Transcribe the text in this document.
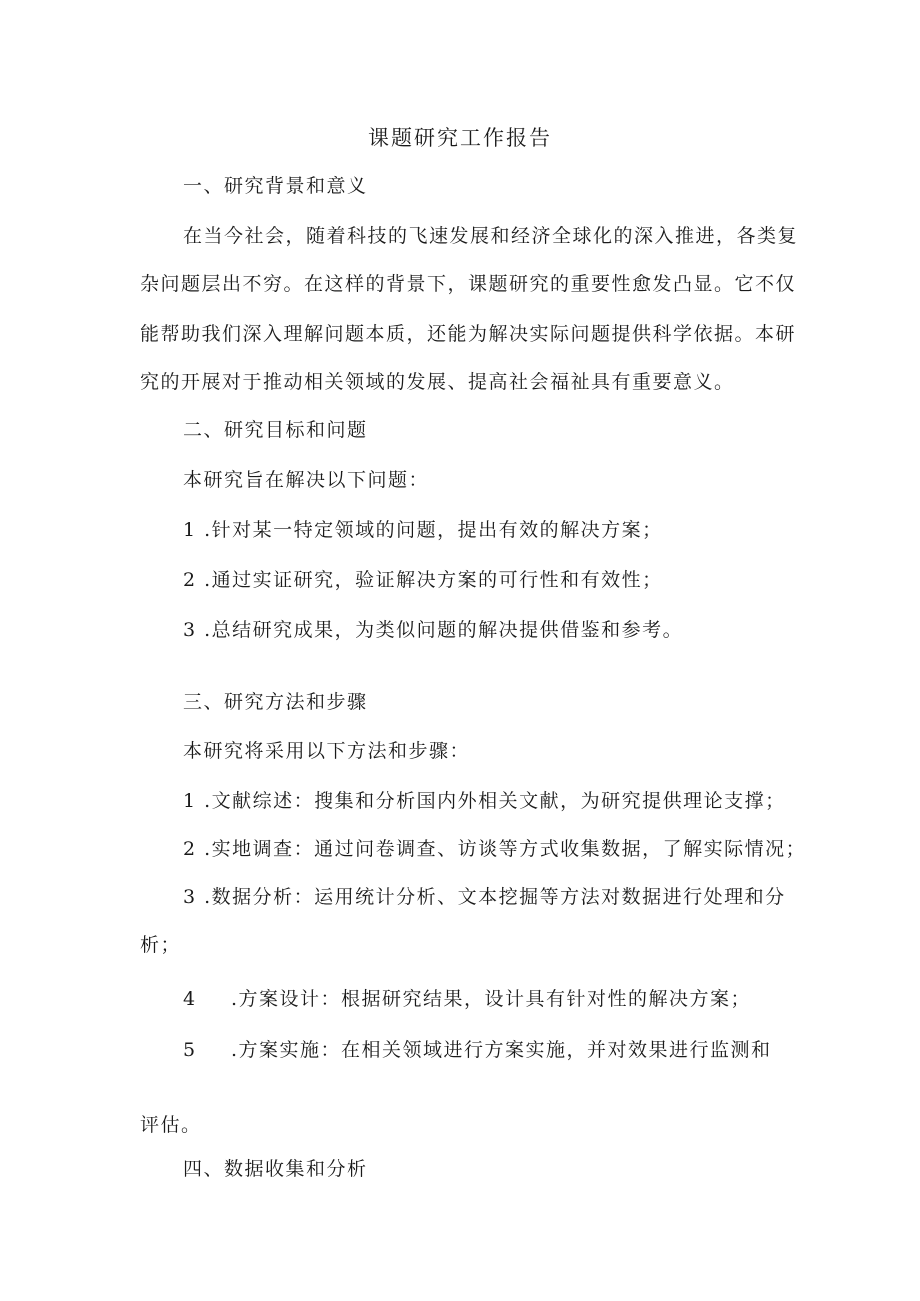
课题研究工作报告
一、研究背景和意义
在当今社会，随着科技的飞速发展和经济全球化的深入推进，各类复
杂问题层出不穷。在这样的背景下，课题研究的重要性愈发凸显。它不仅
能帮助我们深入理解问题本质，还能为解决实际问题提供科学依据。本研
究的开展对于推动相关领域的发展、提高社会福祉具有重要意义。
二、研究目标和问题
本研究旨在解决以下问题：
1 .针对某一特定领域的问题，提出有效的解决方案；
2 .通过实证研究，验证解决方案的可行性和有效性；
3 .总结研究成果，为类似问题的解决提供借鉴和参考。
三、研究方法和步骤
本研究将采用以下方法和步骤：
1 .文献综述：搜集和分析国内外相关文献，为研究提供理论支撑；
2 .实地调查：通过问卷调查、访谈等方式收集数据，了解实际情况；
3 .数据分析：运用统计分析、文本挖掘等方法对数据进行处理和分
析；
4 .方案设计：根据研究结果，设计具有针对性的解决方案；
5 .方案实施：在相关领域进行方案实施，并对效果进行监测和
评估。
四、数据收集和分析
